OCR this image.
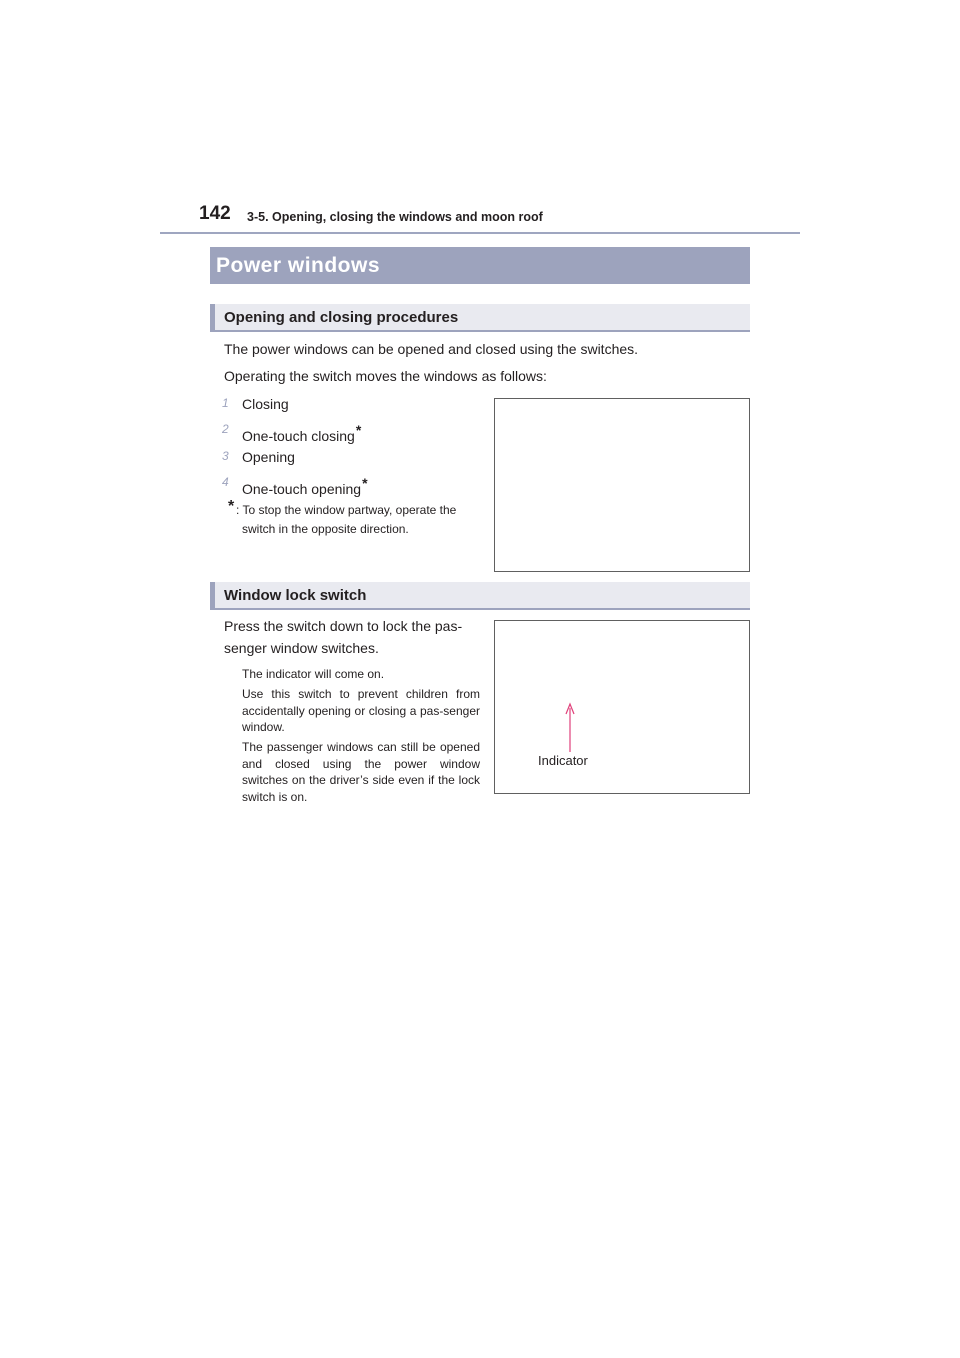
142 3-5. Opening, closing the windows and moon roof
Power windows
Opening and closing procedures
The power windows can be opened and closed using the switches.
Operating the switch moves the windows as follows:
1 Closing
2 One-touch closing*
3 Opening
4 One-touch opening*
* : To stop the window partway, operate the
switch in the opposite direction.
Window lock switch
Press the switch down to lock the pas-
senger window switches.
The indicator will come on.
Use this switch to prevent children from accidentally opening or closing a pas-senger window.
The passenger windows can still be opened and closed using the power window switches on the driver’s side even if the lock switch is on.
Indicator
